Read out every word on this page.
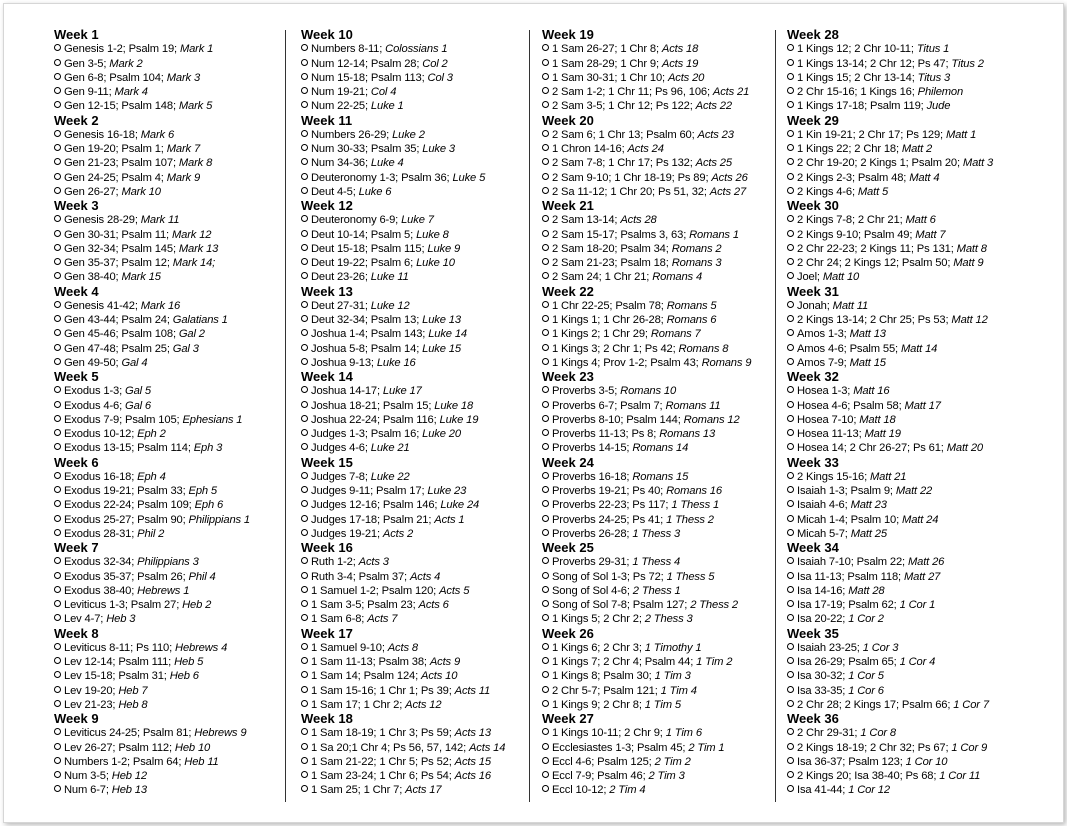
Week 1
Genesis 1-2; Psalm 19; Mark 1
Gen 3-5; Mark 2
Gen 6-8; Psalm 104; Mark 3
Gen 9-11; Mark 4
Gen 12-15; Psalm 148; Mark 5
Week 2
Genesis 16-18; Mark 6
Gen 19-20; Psalm 1; Mark 7
Gen 21-23; Psalm 107; Mark 8
Gen 24-25; Psalm 4; Mark 9
Gen 26-27; Mark 10
Week 3
Genesis 28-29; Mark 11
Gen 30-31; Psalm 11; Mark 12
Gen 32-34; Psalm 145; Mark 13
Gen 35-37; Psalm 12; Mark 14;
Gen 38-40; Mark 15
Week 4
Genesis 41-42; Mark 16
Gen 43-44; Psalm 24; Galatians 1
Gen 45-46; Psalm 108; Gal 2
Gen 47-48; Psalm 25; Gal 3
Gen 49-50; Gal 4
Week 5
Exodus 1-3; Gal 5
Exodus 4-6; Gal 6
Exodus 7-9; Psalm 105; Ephesians 1
Exodus 10-12; Eph 2
Exodus 13-15; Psalm 114; Eph 3
Week 6
Exodus 16-18; Eph 4
Exodus 19-21; Psalm 33; Eph 5
Exodus 22-24; Psalm 109; Eph 6
Exodus 25-27; Psalm 90; Philippians 1
Exodus 28-31; Phil 2
Week 7
Exodus 32-34; Philippians 3
Exodus 35-37; Psalm 26; Phil 4
Exodus 38-40; Hebrews 1
Leviticus 1-3; Psalm 27; Heb 2
Lev 4-7; Heb 3
Week 8
Leviticus 8-11; Ps 110; Hebrews 4
Lev 12-14; Psalm 111; Heb 5
Lev 15-18; Psalm 31; Heb 6
Lev 19-20; Heb 7
Lev 21-23; Heb 8
Week 9
Leviticus 24-25; Psalm 81; Hebrews 9
Lev 26-27; Psalm 112; Heb 10
Numbers 1-2; Psalm 64; Heb 11
Num 3-5; Heb 12
Num 6-7; Heb 13
Week 10
Numbers 8-11; Colossians 1
Num 12-14; Psalm 28; Col 2
Num 15-18; Psalm 113; Col 3
Num 19-21; Col 4
Num 22-25; Luke 1
Week 11
Numbers 26-29; Luke 2
Num 30-33; Psalm 35; Luke 3
Num 34-36; Luke 4
Deuteronomy 1-3; Psalm 36; Luke 5
Deut 4-5; Luke 6
Week 12
Deuteronomy 6-9; Luke 7
Deut 10-14; Psalm 5; Luke 8
Deut 15-18; Psalm 115; Luke 9
Deut 19-22; Psalm 6; Luke 10
Deut 23-26; Luke 11
Week 13
Deut 27-31; Luke 12
Deut 32-34; Psalm 13; Luke 13
Joshua 1-4; Psalm 143; Luke 14
Joshua 5-8; Psalm 14; Luke 15
Joshua 9-13; Luke 16
Week 14
Joshua 14-17; Luke 17
Joshua 18-21; Psalm 15; Luke 18
Joshua 22-24; Psalm 116; Luke 19
Judges 1-3; Psalm 16; Luke 20
Judges 4-6; Luke 21
Week 15
Judges 7-8; Luke 22
Judges 9-11; Psalm 17; Luke 23
Judges 12-16; Psalm 146; Luke 24
Judges 17-18; Psalm 21; Acts 1
Judges 19-21; Acts 2
Week 16
Ruth 1-2; Acts 3
Ruth 3-4; Psalm 37; Acts 4
1 Samuel 1-2; Psalm 120; Acts 5
1 Sam 3-5; Psalm 23; Acts 6
1 Sam 6-8; Acts 7
Week 17
1 Samuel 9-10; Acts 8
1 Sam 11-13; Psalm 38; Acts 9
1 Sam 14; Psalm 124; Acts 10
1 Sam 15-16; 1 Chr 1; Ps 39; Acts 11
1 Sam 17; 1 Chr 2; Acts 12
Week 18
1 Sam 18-19; 1 Chr 3; Ps 59; Acts 13
1 Sa 20;1 Chr 4; Ps 56, 57, 142; Acts 14
1 Sam 21-22; 1 Chr 5; Ps 52; Acts 15
1 Sam 23-24; 1 Chr 6; Ps 54; Acts 16
1 Sam 25; 1 Chr 7; Acts 17
Week 19
1 Sam 26-27; 1 Chr 8; Acts 18
1 Sam 28-29; 1 Chr 9; Acts 19
1 Sam 30-31; 1 Chr 10; Acts 20
2 Sam 1-2; 1 Chr 11; Ps 96, 106; Acts 21
2 Sam 3-5; 1 Chr 12; Ps 122; Acts 22
Week 20
2 Sam 6; 1 Chr 13; Psalm 60; Acts 23
1 Chron 14-16; Acts 24
2 Sam 7-8; 1 Chr 17; Ps 132; Acts 25
2 Sam 9-10; 1 Chr 18-19; Ps 89; Acts 26
2 Sa 11-12; 1 Chr 20; Ps 51, 32; Acts 27
Week 21
2 Sam 13-14; Acts 28
2 Sam 15-17; Psalms 3, 63; Romans 1
2 Sam 18-20; Psalm 34; Romans 2
2 Sam 21-23; Psalm 18; Romans 3
2 Sam 24; 1 Chr 21; Romans 4
Week 22
1 Chr 22-25; Psalm 78; Romans 5
1 Kings 1; 1 Chr 26-28; Romans 6
1 Kings 2; 1 Chr 29; Romans 7
1 Kings 3; 2 Chr 1; Ps 42; Romans 8
1 Kings 4; Prov 1-2; Psalm 43; Romans 9
Week 23
Proverbs 3-5; Romans 10
Proverbs 6-7; Psalm 7; Romans 11
Proverbs 8-10; Psalm 144; Romans 12
Proverbs 11-13; Ps 8; Romans 13
Proverbs 14-15; Romans 14
Week 24
Proverbs 16-18; Romans 15
Proverbs 19-21; Ps 40; Romans 16
Proverbs 22-23; Ps 117; 1 Thess 1
Proverbs 24-25; Ps 41; 1 Thess 2
Proverbs 26-28; 1 Thess 3
Week 25
Proverbs 29-31; 1 Thess 4
Song of Sol 1-3; Ps 72; 1 Thess 5
Song of Sol 4-6; 2 Thess 1
Song of Sol 7-8; Psalm 127; 2 Thess 2
1 Kings 5; 2 Chr 2; 2 Thess 3
Week 26
1 Kings 6; 2 Chr 3; 1 Timothy 1
1 Kings 7; 2 Chr 4; Psalm 44; 1 Tim 2
1 Kings 8; Psalm 30; 1 Tim 3
2 Chr 5-7; Psalm 121; 1 Tim 4
1 Kings 9; 2 Chr 8; 1 Tim 5
Week 27
1 Kings 10-11; 2 Chr 9; 1 Tim 6
Ecclesiastes 1-3; Psalm 45; 2 Tim 1
Eccl 4-6; Psalm 125; 2 Tim 2
Eccl 7-9; Psalm 46; 2 Tim 3
Eccl 10-12; 2 Tim 4
Week 28
1 Kings 12; 2 Chr 10-11; Titus 1
1 Kings 13-14; 2 Chr 12; Ps 47; Titus 2
1 Kings 15; 2 Chr 13-14; Titus 3
2 Chr 15-16; 1 Kings 16; Philemon
1 Kings 17-18; Psalm 119; Jude
Week 29
1 Kin 19-21; 2 Chr 17; Ps 129; Matt 1
1 Kings 22; 2 Chr 18; Matt 2
2 Chr 19-20; 2 Kings 1; Psalm 20; Matt 3
2 Kings 2-3; Psalm 48; Matt 4
2 Kings 4-6; Matt 5
Week 30
2 Kings 7-8; 2 Chr 21; Matt 6
2 Kings 9-10; Psalm 49; Matt 7
2 Chr 22-23; 2 Kings 11; Ps 131; Matt 8
2 Chr 24; 2 Kings 12; Psalm 50; Matt 9
Joel; Matt 10
Week 31
Jonah; Matt 11
2 Kings 13-14; 2 Chr 25; Ps 53; Matt 12
Amos 1-3; Matt 13
Amos 4-6; Psalm 55; Matt 14
Amos 7-9; Matt 15
Week 32
Hosea 1-3; Matt 16
Hosea 4-6; Psalm 58; Matt 17
Hosea 7-10; Matt 18
Hosea 11-13; Matt 19
Hosea 14; 2 Chr 26-27; Ps 61; Matt 20
Week 33
2 Kings 15-16; Matt 21
Isaiah 1-3; Psalm 9; Matt 22
Isaiah 4-6; Matt 23
Micah 1-4; Psalm 10; Matt 24
Micah 5-7; Matt 25
Week 34
Isaiah 7-10; Psalm 22; Matt 26
Isa 11-13; Psalm 118; Matt 27
Isa 14-16; Matt 28
Isa 17-19; Psalm 62; 1 Cor 1
Isa 20-22; 1 Cor 2
Week 35
Isaiah 23-25; 1 Cor 3
Isa 26-29; Psalm 65; 1 Cor 4
Isa 30-32; 1 Cor 5
Isa 33-35; 1 Cor 6
2 Chr 28; 2 Kings 17; Psalm 66; 1 Cor 7
Week 36
2 Chr 29-31; 1 Cor 8
2 Kings 18-19; 2 Chr 32; Ps 67; 1 Cor 9
Isa 36-37; Psalm 123; 1 Cor 10
2 Kings 20; Isa 38-40; Ps 68; 1 Cor 11
Isa 41-44; 1 Cor 12
